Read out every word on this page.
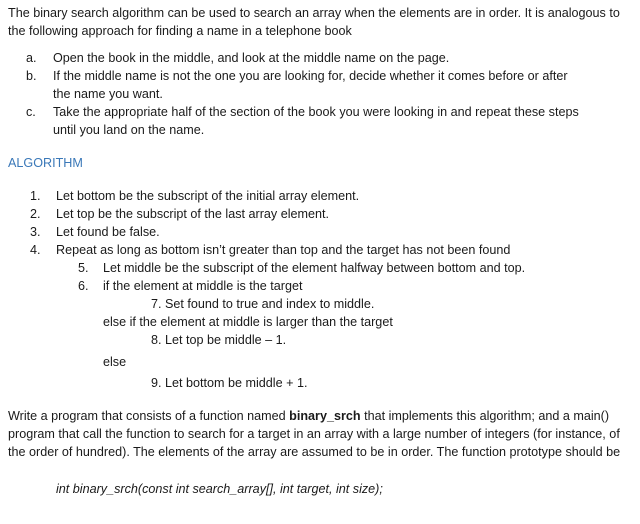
The binary search algorithm can be used to search an array when the elements are in order. It is analogous to the following approach for finding a name in a telephone book
a. Open the book in the middle, and look at the middle name on the page.
b. If the middle name is not the one you are looking for, decide whether it comes before or after
the name you want.
c. Take the appropriate half of the section of the book you were looking in and repeat these steps
until you land on the name.
ALGORITHM
1. Let bottom be the subscript of the initial array element.
2. Let top be the subscript of the last array element.
3. Let found be false.
4. Repeat as long as bottom isn’t greater than top and the target has not been found
5. Let middle be the subscript of the element halfway between bottom and top.
6. if the element at middle is the target
7. Set found to true and index to middle.
else if the element at middle is larger than the target
8. Let top be middle – 1.
else
9. Let bottom be middle + 1.
Write a program that consists of a function named binary_srch that implements this algorithm; and a main() program that call the function to search for a target in an array with a large number of integers (for instance, of the order of hundred). The elements of the array are assumed to be in order. The function prototype should be
int binary_srch(const int search_array[], int target, int size);
